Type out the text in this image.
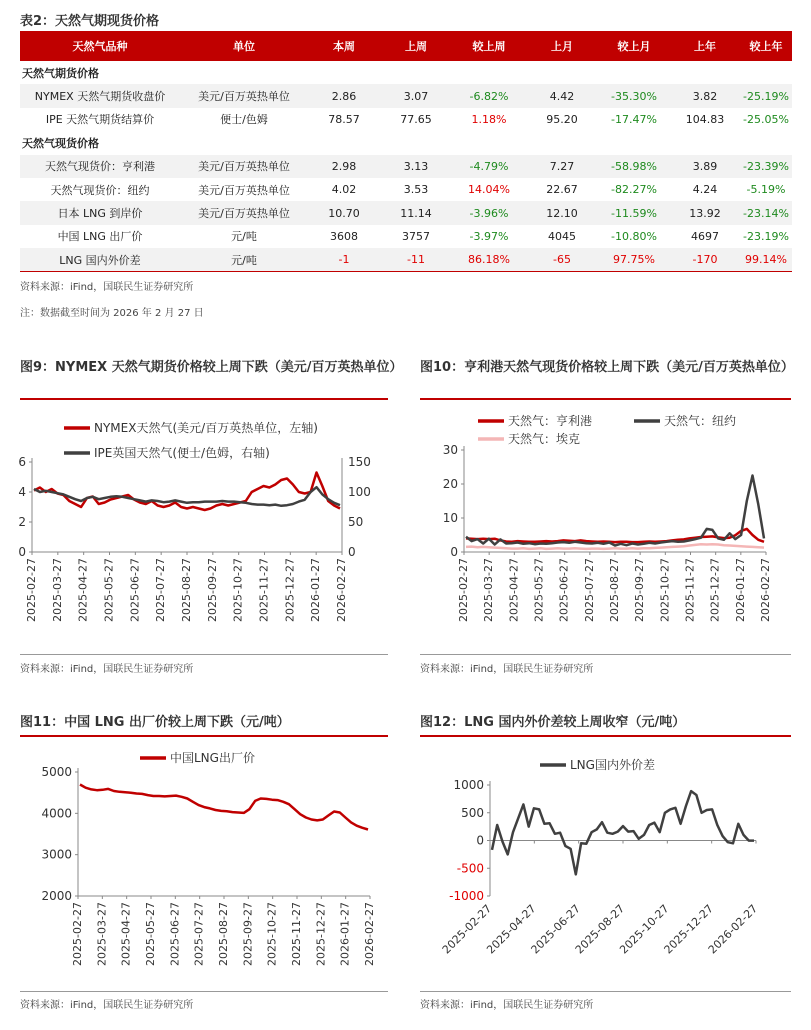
表2：天然气期现货价格
天然气品种	单位	本周	上周	较上周	上月	较上月	上年	较上年
天然气期货价格								
NYMEX 天然气期货收盘价	美元/百万英热单位	2.86	3.07	-6.82%	4.42	-35.30%	3.82	-25.19%
IPE 天然气期货结算价	便士/色姆	78.57	77.65	1.18%	95.20	-17.47%	104.83	-25.05%
天然气现货价格								
天然气现货价：亨利港	美元/百万英热单位	2.98	3.13	-4.79%	7.27	-58.98%	3.89	-23.39%
天然气现货价：纽约	美元/百万英热单位	4.02	3.53	14.04%	22.67	-82.27%	4.24	-5.19%
日本 LNG 到岸价	美元/百万英热单位	10.70	11.14	-3.96%	12.10	-11.59%	13.92	-23.14%
中国 LNG 出厂价	元/吨	3608	3757	-3.97%	4045	-10.80%	4697	-23.19%
LNG 国内外价差	元/吨	-1	-11	86.18%	-65	97.75%	-170	99.14%
资料来源：iFind，国联民生证券研究所
注：数据截至时间为 2026 年 2 月 27 日
图9：NYMEX 天然气期货价格较上周下跌（美元/百万英热单位）
0
2
4
6
0
50
100
150
2025-02-27 2025-03-27 2025-04-27 2025-05-27 2025-06-27 2025-07-27 2025-08-27 2025-09-27 2025-10-27 2025-11-27 2025-12-27 2026-01-27 2026-02-27
NYMEX天然气(美元/百万英热单位，左轴)
IPE英国天然气(便士/色姆，右轴)
资料来源：iFind，国联民生证券研究所
图10：亨利港天然气现货价格较上周下跌（美元/百万英热单位）
0
10
20
30
2025-02-27 2025-03-27 2025-04-27 2025-05-27 2025-06-27 2025-07-27 2025-08-27 2025-09-27 2025-10-27 2025-11-27 2025-12-27 2026-01-27 2026-02-27
天然气：亨利港	天然气：纽约
天然气：埃克
资料来源：iFind，国联民生证券研究所
图11：中国 LNG 出厂价较上周下跌（元/吨）
2000
3000
4000
5000
2025-02-27 2025-03-27 2025-04-27 2025-05-27 2025-06-27 2025-07-27 2025-08-27 2025-09-27 2025-10-27 2025-11-27 2025-12-27 2026-01-27 2026-02-27
中国LNG出厂价
资料来源：iFind，国联民生证券研究所
图12：LNG 国内外价差较上周收窄（元/吨）
-1000
-500
0
500
1000
2025-02-27
2025-04-27
2025-06-27
2025-08-27
2025-10-27
2025-12-27
2026-02-27
LNG国内外价差
资料来源：iFind，国联民生证券研究所
